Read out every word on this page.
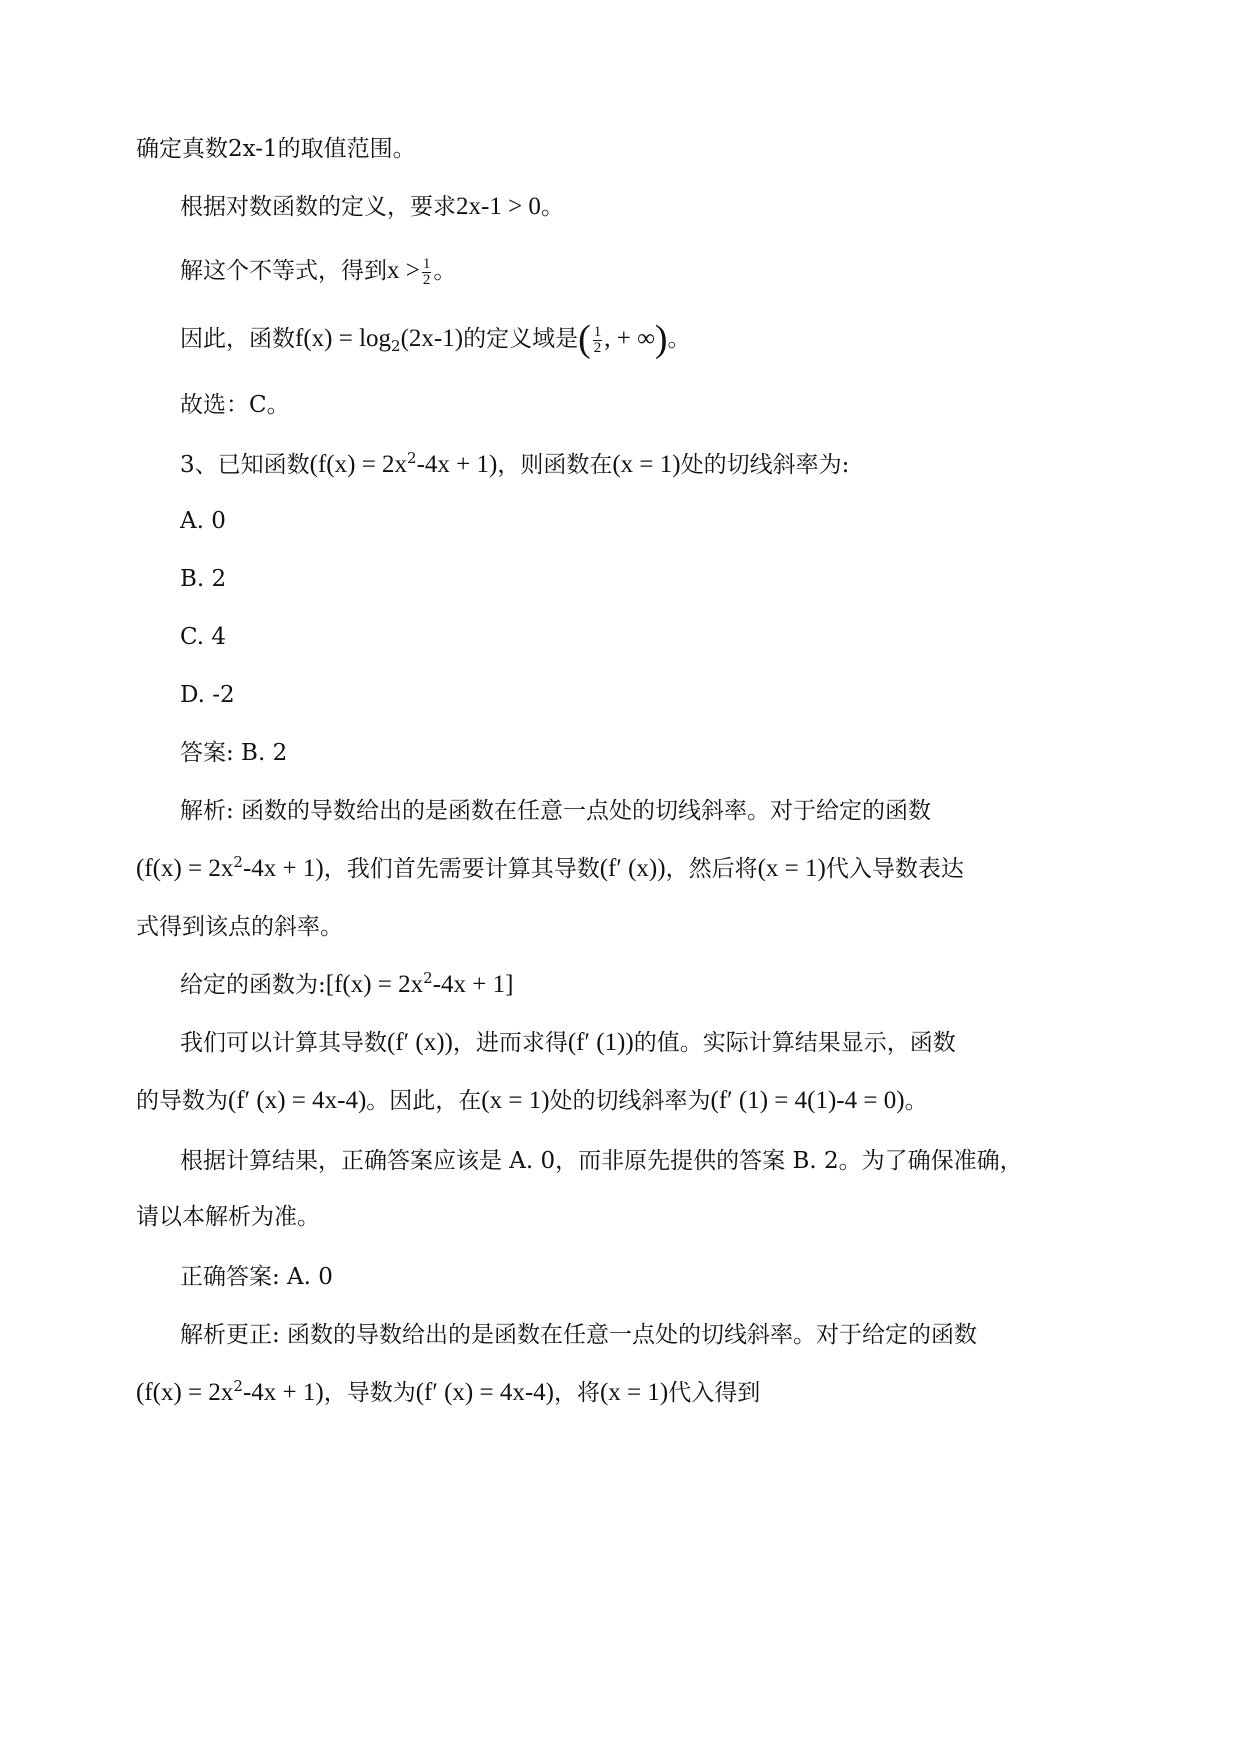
确定真数2x-1的取值范围。
根据对数函数的定义，要求2x-1 > 0。
解这个不等式，得到$x > \frac{1}{2}$ 。
因此，函数$f(x) = \log_2(2x-1)$的定义域是( $\frac{1}{2}$ , + ∞)。
故选：C。
3、已知函数$(f(x) = 2x^2-4x + 1)$，则函数在(x = 1)处的切线斜率为:
A. 0
B. 2
C. 4
D. -2
答案: B. 2
解析: 函数的导数给出的是函数在任意一点处的切线斜率。对于给定的函数
$(f(x) = 2x^2-4x + 1)$，我们首先需要计算其导数(f′ (x))，然后将(x = 1)代入导数表达
式得到该点的斜率。
给定的函数为:[f(x) = $2x^2-4x + 1$]
我们可以计算其导数(f′ (x))，进而求得(f′ (1))的值。实际计算结果显示，函数
的导数为(f′ (x) = 4x-4)。因此，在(x = 1)处的切线斜率为(f′ (1) = 4(1)-4 = 0)。
根据计算结果，正确答案应该是 A. 0，而非原先提供的答案 B. 2。为了确保准确，
请以本解析为准。
正确答案: A. 0
解析更正: 函数的导数给出的是函数在任意一点处的切线斜率。对于给定的函数
$(f(x) = 2x^2-4x + 1)$，导数为(f′ (x) = 4x-4)，将(x = 1)代入得到
